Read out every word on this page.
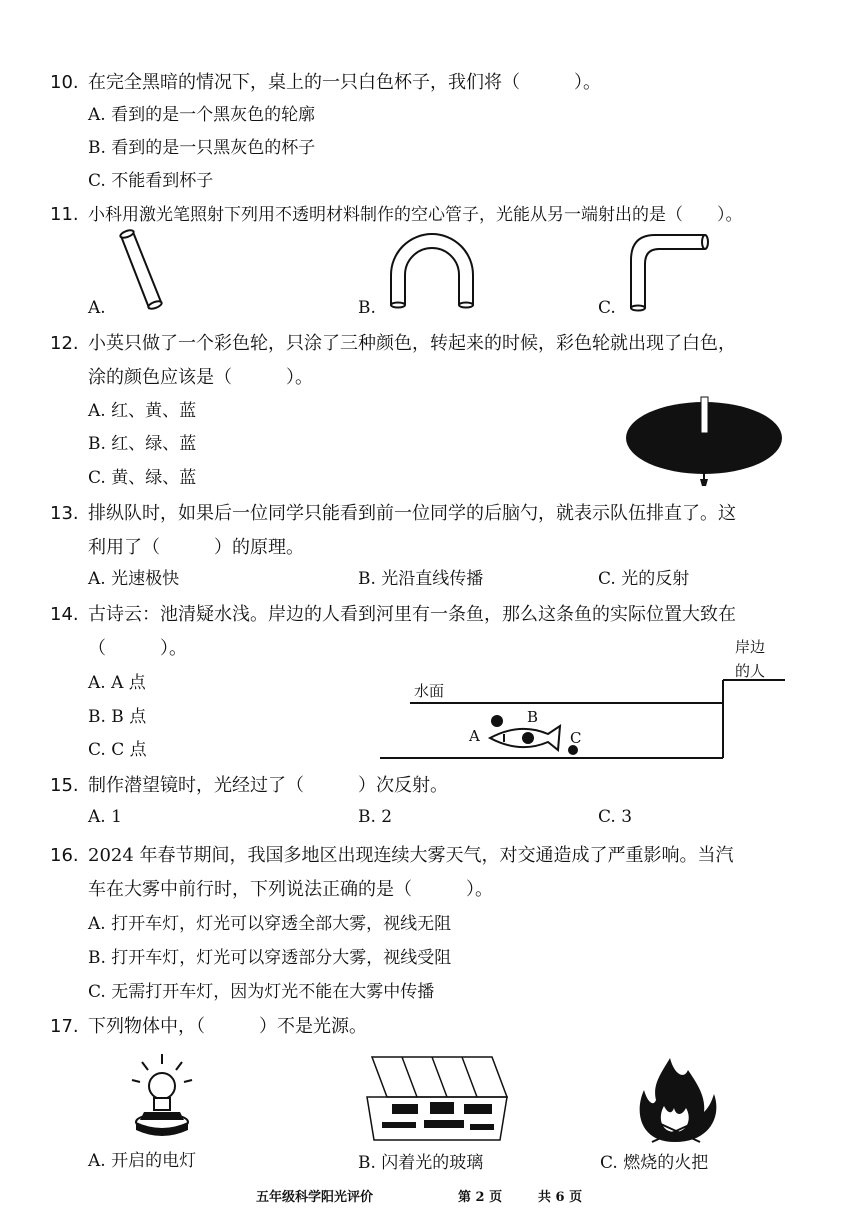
10. 在完全黑暗的情况下，桌上的一只白色杯子，我们将（　　　）。
A. 看到的是一个黑灰色的轮廓
B. 看到的是一只黑灰色的杯子
C. 不能看到杯子
11. 小科用激光笔照射下列用不透明材料制作的空心管子，光能从另一端射出的是（　　）。
A.	B.	C.
12. 小英只做了一个彩色轮，只涂了三种颜色，转起来的时候，彩色轮就出现了白色，
涂的颜色应该是（　　　）。
A. 红、黄、蓝
B. 红、绿、蓝
C. 黄、绿、蓝
13. 排纵队时，如果后一位同学只能看到前一位同学的后脑勺，就表示队伍排直了。这
利用了（　　　）的原理。
A. 光速极快	B. 光沿直线传播	C. 光的反射
14. 古诗云：池清疑水浅。岸边的人看到河里有一条鱼，那么这条鱼的实际位置大致在
（　　　）。
A. A 点
B. B 点
C. C 点
岸边
的人
水面
A
B
C
15. 制作潜望镜时，光经过了（　　　）次反射。
A. 1	B. 2	C. 3
16. 2024 年春节期间，我国多地区出现连续大雾天气，对交通造成了严重影响。当汽
车在大雾中前行时，下列说法正确的是（　　　）。
A. 打开车灯，灯光可以穿透全部大雾，视线无阻
B. 打开车灯，灯光可以穿透部分大雾，视线受阻
C. 无需打开车灯，因为灯光不能在大雾中传播
17. 下列物体中，（　　　）不是光源。
A. 开启的电灯	B. 闪着光的玻璃	C. 燃烧的火把
五年级科学阳光评价	第 2 页	共 6 页
